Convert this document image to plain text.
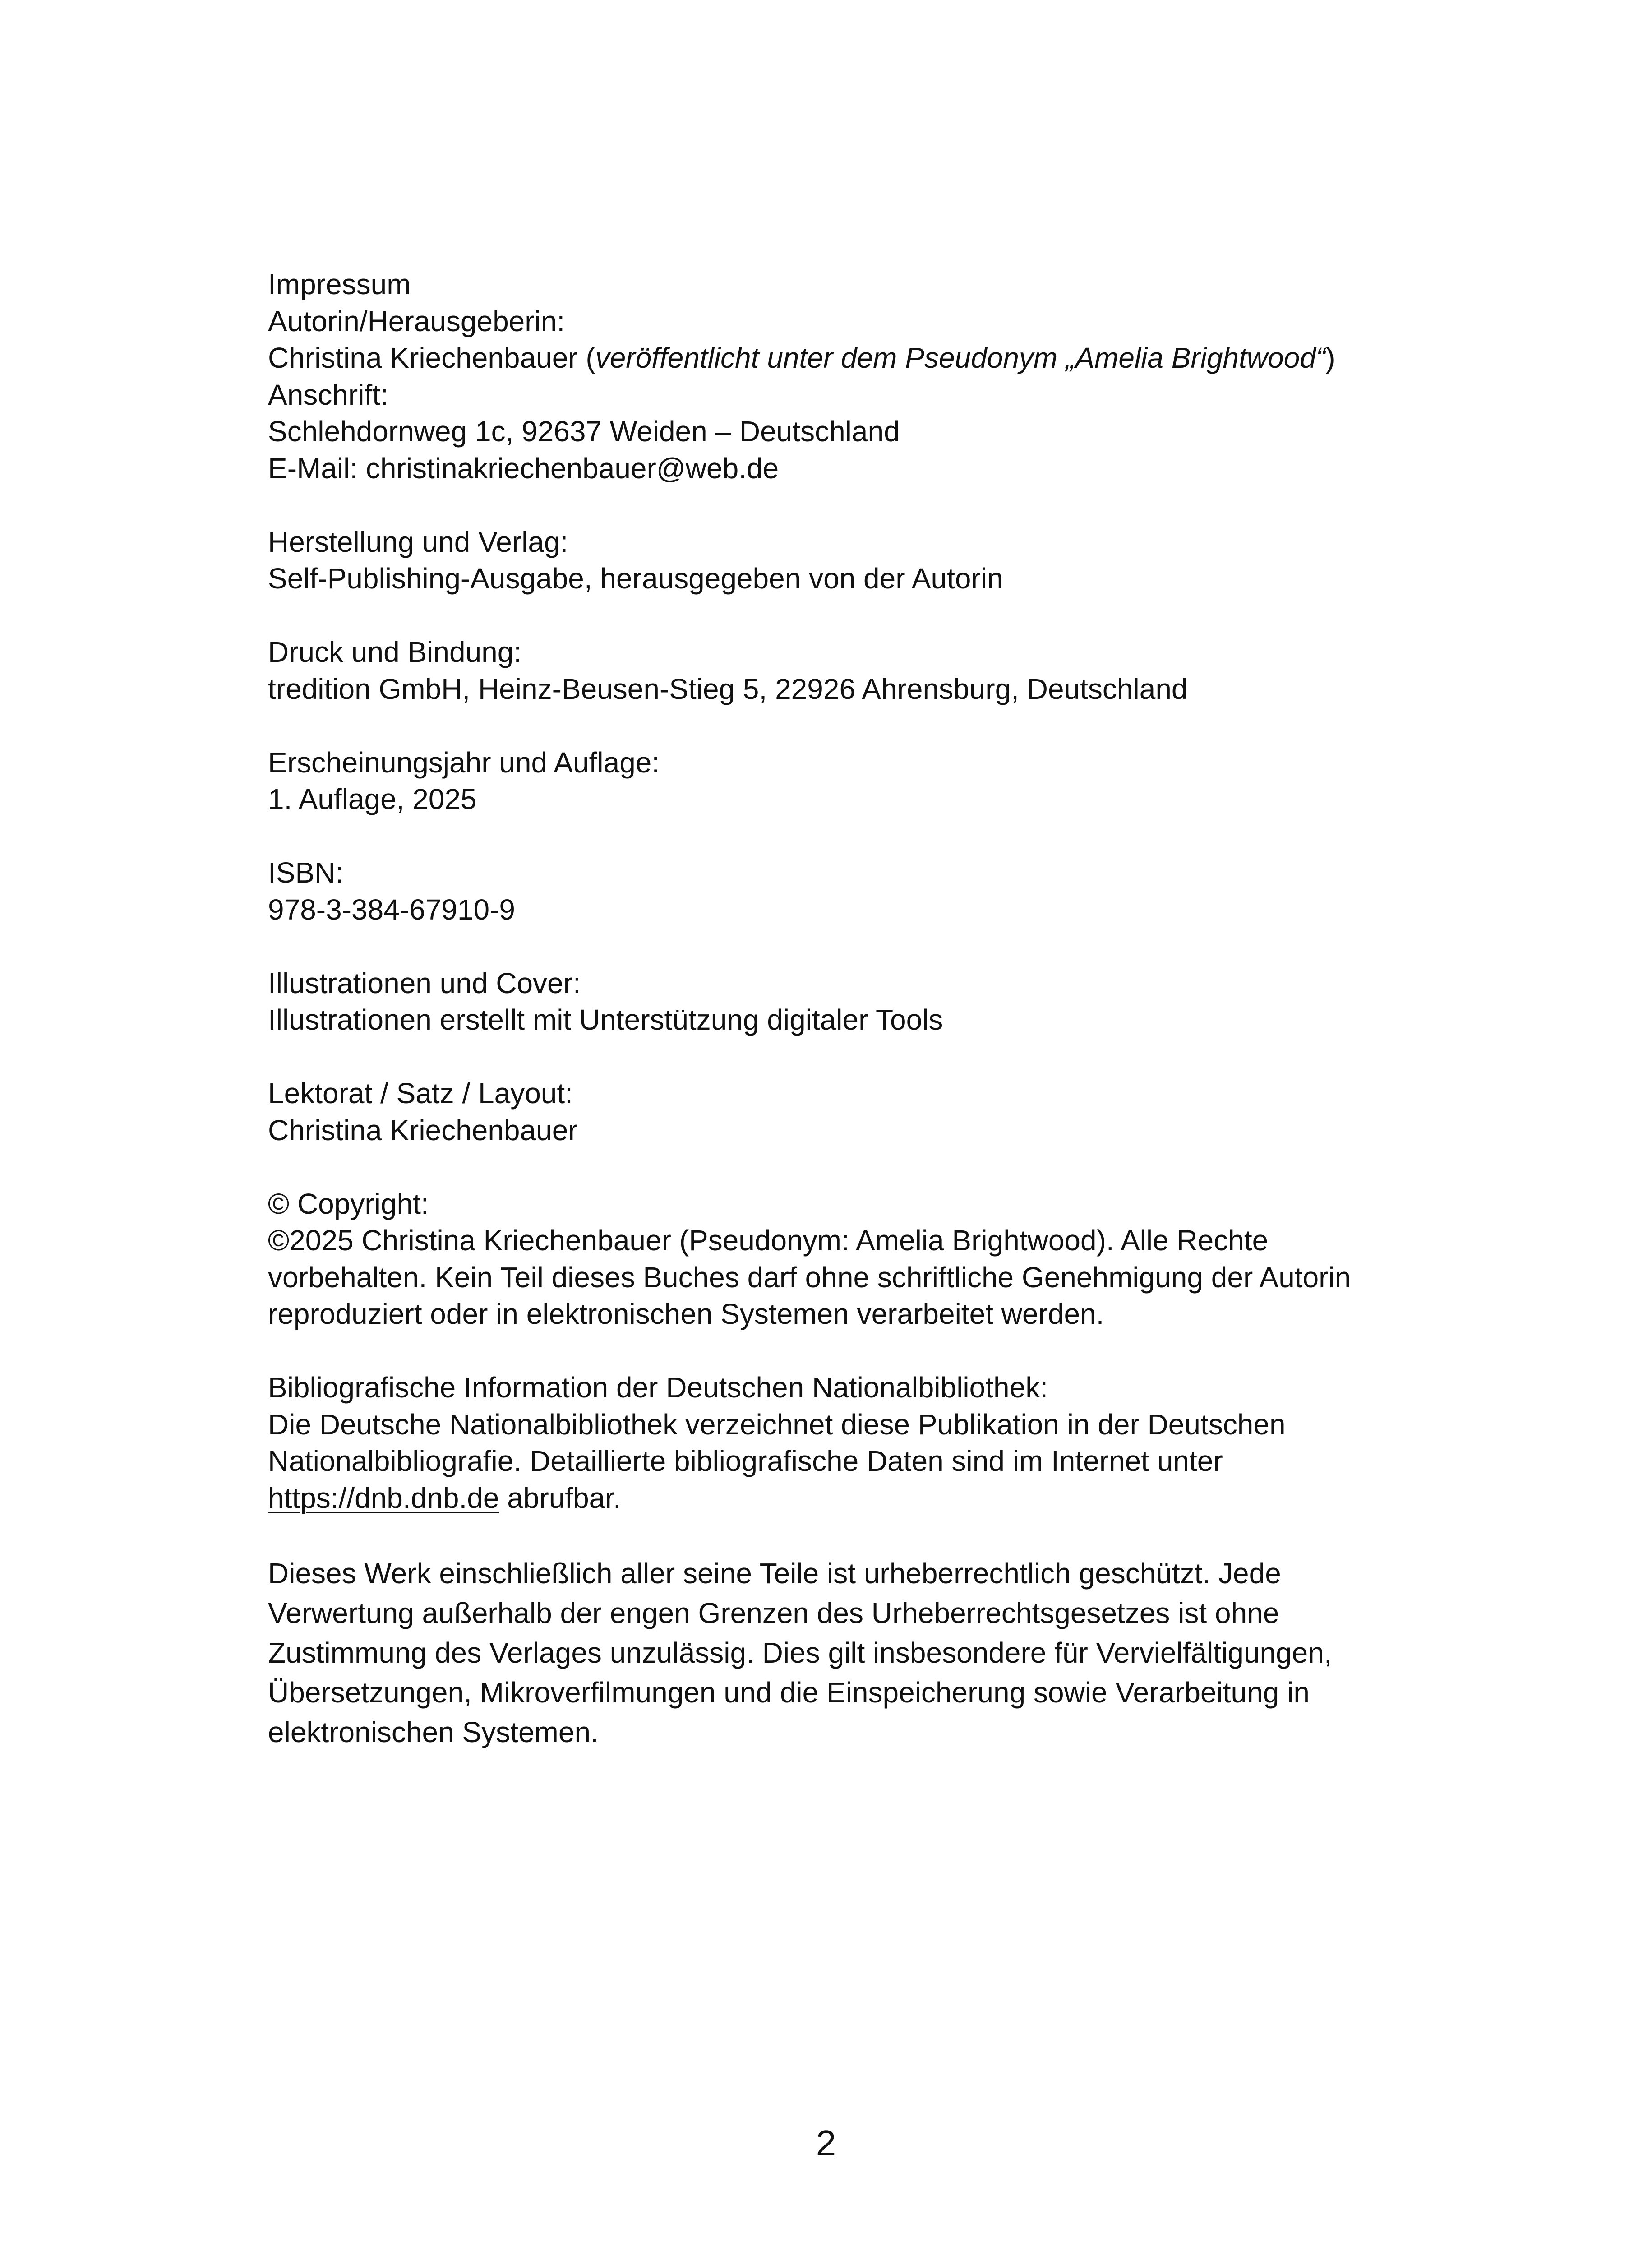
Impressum
Autorin/Herausgeberin:
Christina Kriechenbauer (veröffentlicht unter dem Pseudonym „Amelia Brightwood“)
Anschrift:
Schlehdornweg 1c, 92637 Weiden – Deutschland
E-Mail: christinakriechenbauer@web.de
Herstellung und Verlag:
Self-Publishing-Ausgabe, herausgegeben von der Autorin
Druck und Bindung:
tredition GmbH, Heinz-Beusen-Stieg 5, 22926 Ahrensburg, Deutschland
Erscheinungsjahr und Auflage:
1. Auflage, 2025
ISBN:
978-3-384-67910-9
Illustrationen und Cover:
Illustrationen erstellt mit Unterstützung digitaler Tools
Lektorat / Satz / Layout:
Christina Kriechenbauer
© Copyright:
©2025 Christina Kriechenbauer (Pseudonym: Amelia Brightwood). Alle Rechte vorbehalten. Kein Teil dieses Buches darf ohne schriftliche Genehmigung der Autorin reproduziert oder in elektronischen Systemen verarbeitet werden.
Bibliografische Information der Deutschen Nationalbibliothek:
Die Deutsche Nationalbibliothek verzeichnet diese Publikation in der Deutschen Nationalbibliografie. Detaillierte bibliografische Daten sind im Internet unter https://dnb.dnb.de abrufbar.
Dieses Werk einschließlich aller seine Teile ist urheberrechtlich geschützt. Jede Verwertung außerhalb der engen Grenzen des Urheberrechtsgesetzes ist ohne Zustimmung des Verlages unzulässig. Dies gilt insbesondere für Vervielfältigungen, Übersetzungen, Mikroverfilmungen und die Einspeicherung sowie Verarbeitung in elektronischen Systemen.
2
